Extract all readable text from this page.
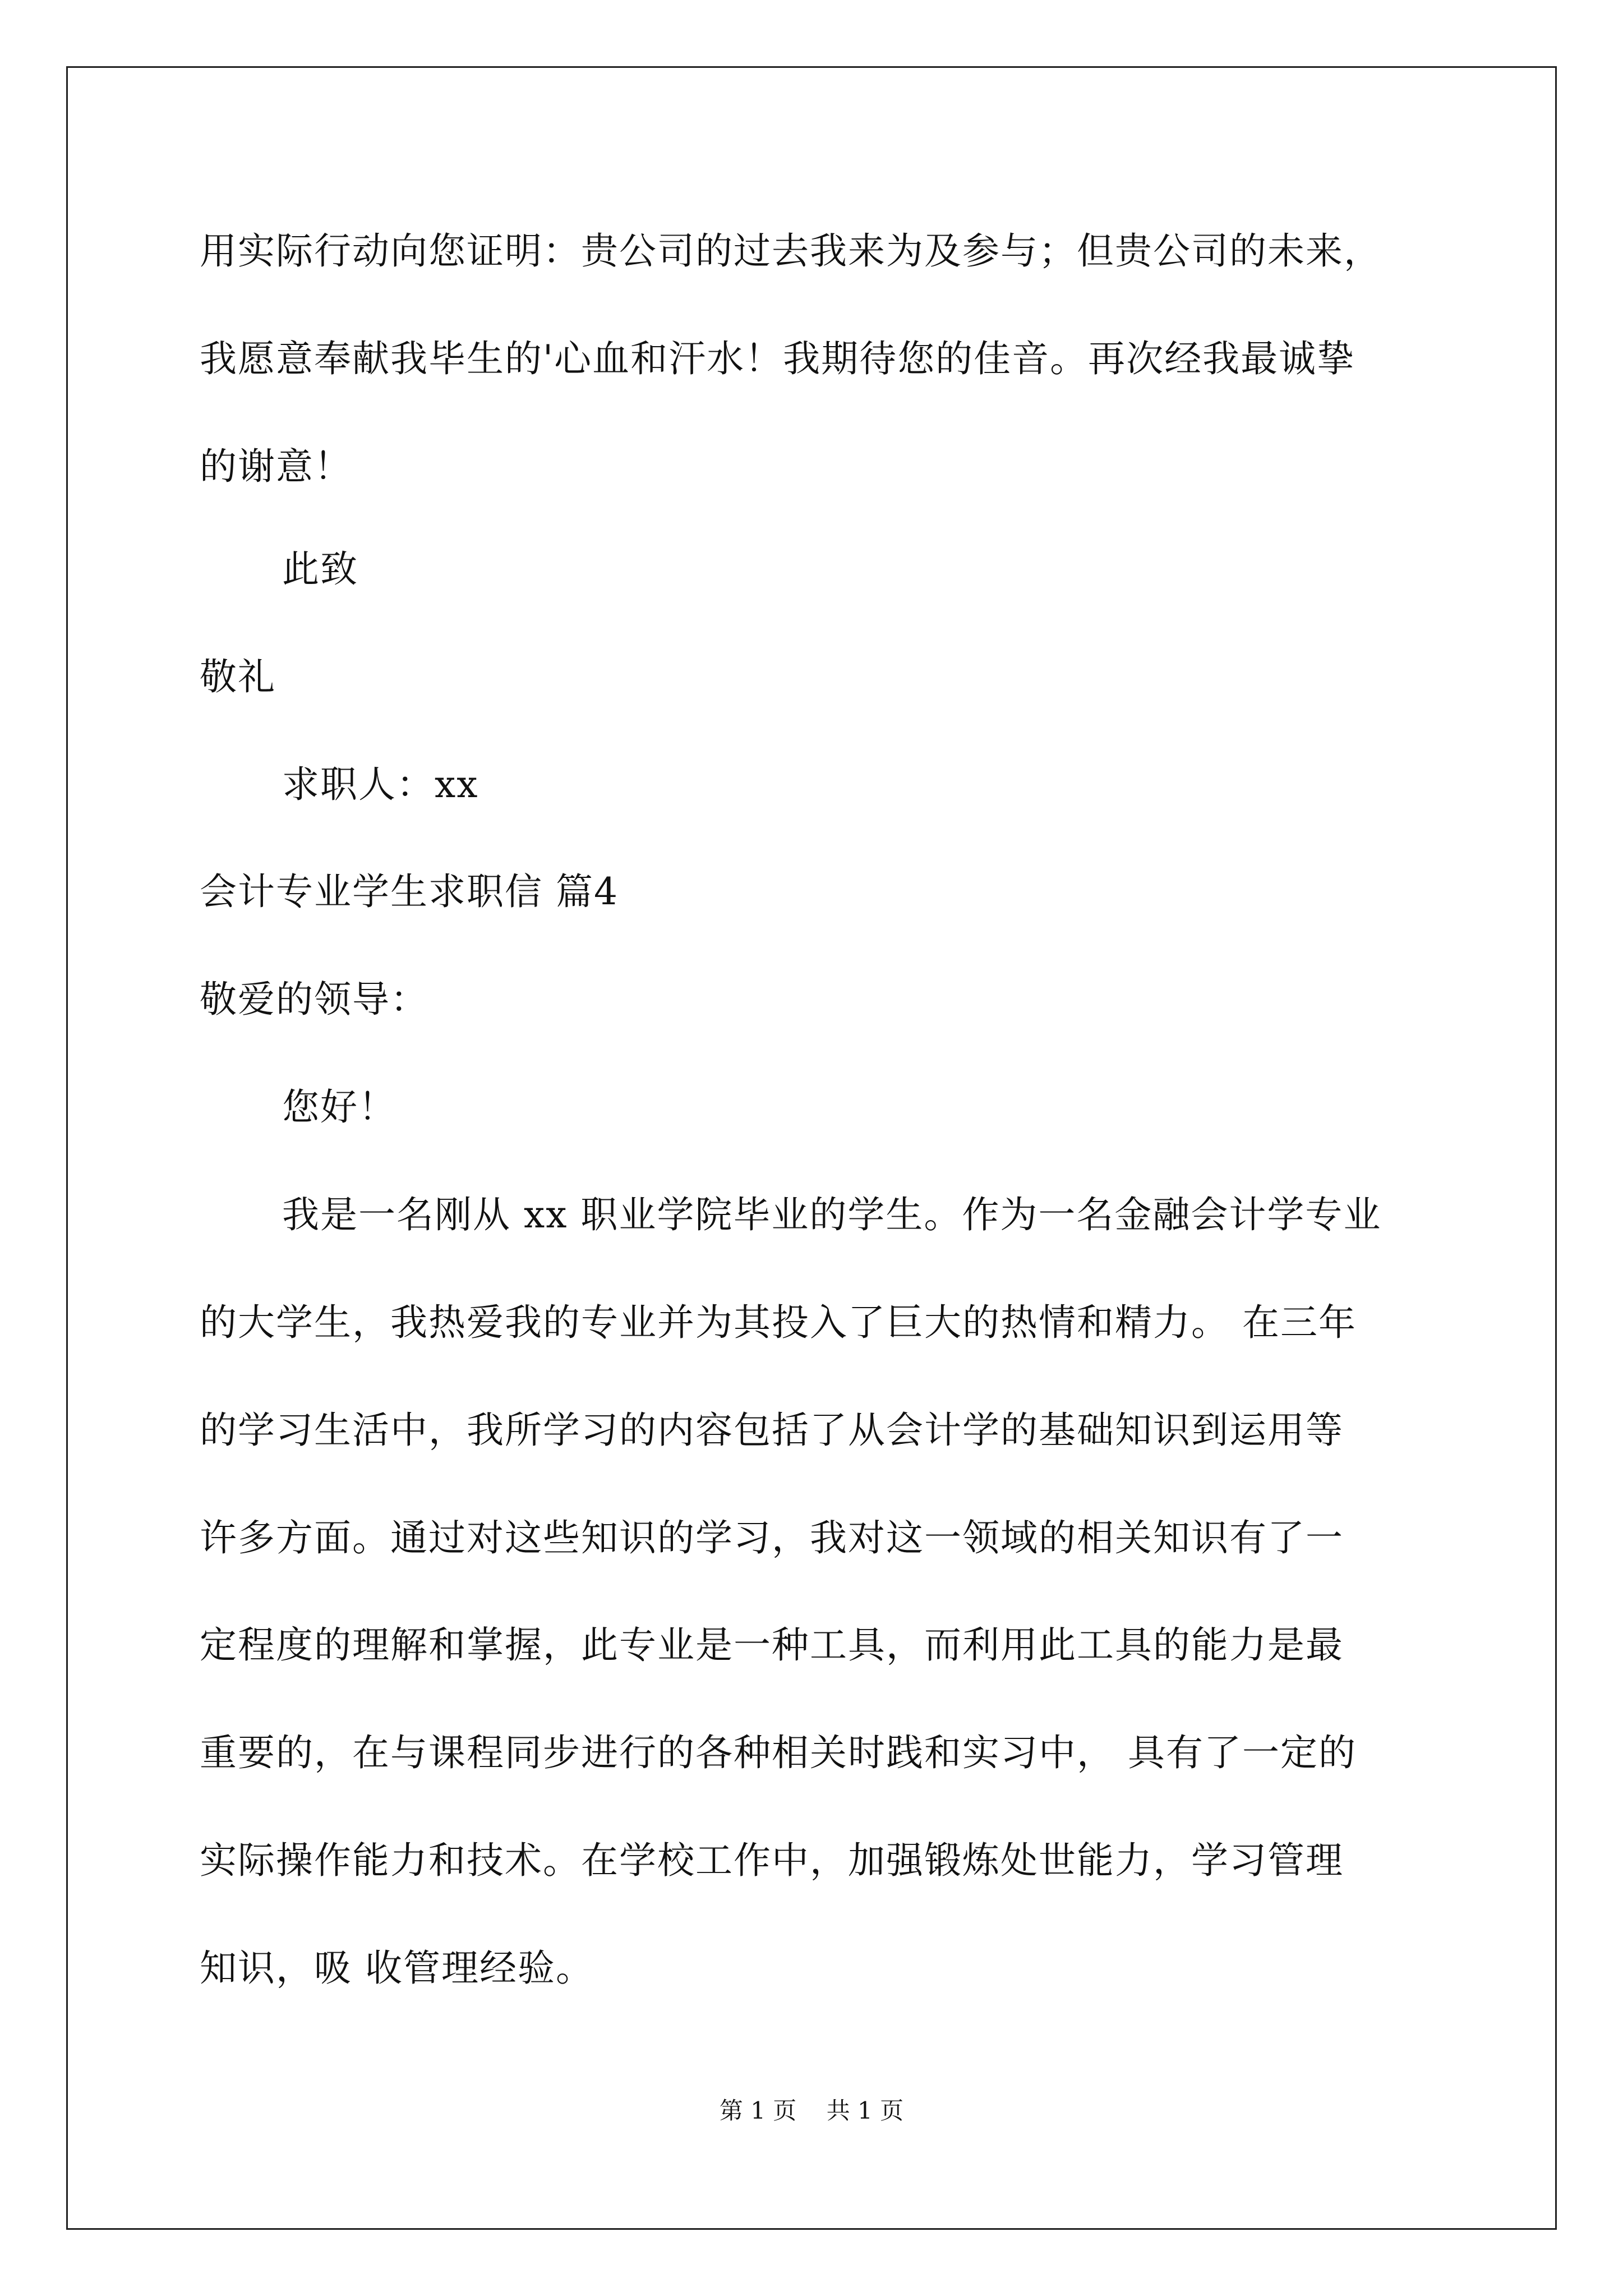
用实际行动向您证明：贵公司的过去我来为及参与；但贵公司的未来，
我愿意奉献我毕生的'心血和汗水！我期待您的佳音。再次经我最诚挚
的谢意！
此致
敬礼
求职人：xx
会计专业学生求职信 篇4
敬爱的领导：
您好！
我是一名刚从 xx 职业学院毕业的学生。作为一名金融会计学专业
的大学生，我热爱我的专业并为其投入了巨大的热情和精力。 在三年
的学习生活中，我所学习的内容包括了从会计学的基础知识到运用等
许多方面。通过对这些知识的学习，我对这一领域的相关知识有了一
定程度的理解和掌握，此专业是一种工具，而利用此工具的能力是最
重要的，在与课程同步进行的各种相关时践和实习中， 具有了一定的
实际操作能力和技术。在学校工作中，加强锻炼处世能力，学习管理
知识，吸 收管理经验。
第 1 页    共 1 页
